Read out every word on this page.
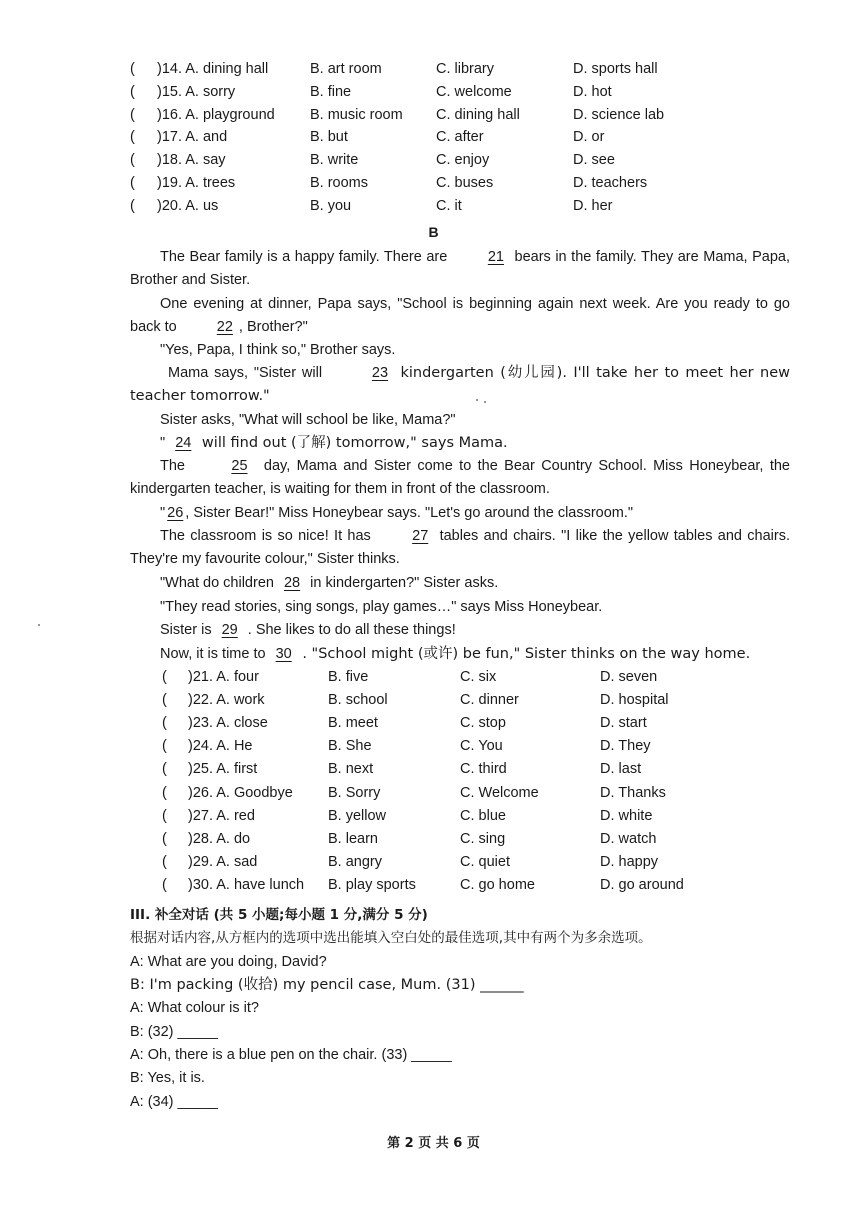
( )14. A. dining hall	B. art room	C. library	D. sports hall
( )15. A. sorry	B. fine	C. welcome	D. hot
( )16. A. playground B. music room C. dining hall	D. science lab
( )17. A. and	B. but	C. after	D. or
( )18. A. say	B. write	C. enjoy	D. see
( )19. A. trees	B. rooms	C. buses	D. teachers
( )20. A. us	B. you	C. it	D. her
B
The Bear family is a happy family. There are 21 bears in the family. They are Mama, Papa, Brother and Sister.
One evening at dinner, Papa says, "School is beginning again next week. Are you ready to go back to 22 , Brother?"
"Yes, Papa, I think so," Brother says.
Mama says, "Sister will	23 kindergarten (幼儿园). I'll take her to meet her new teacher tomorrow."
Sister asks, "What will school be like, Mama?"
" 24 will find out (了解) tomorrow," says Mama.
The	25 day, Mama and Sister come to the Bear Country School. Miss Honeybear, the kindergarten teacher, is waiting for them in front of the classroom.
" 26 , Sister Bear!" Miss Honeybear says. "Let's go around the classroom."
The classroom is so nice! It has 27 tables and chairs. "I like the yellow tables and chairs. They're my favourite colour," Sister thinks.
"What do children 28 in kindergarten?" Sister asks.
"They read stories, sing songs, play games…" says Miss Honeybear.
Sister is 29 . She likes to do all these things!
Now, it is time to 30 . "School might (或许) be fun," Sister thinks on the way home.
( )21. A. four	B. five	C. six	D. seven
( )22. A. work	B. school	C. dinner	D. hospital
( )23. A. close	B. meet	C. stop	D. start
( )24. A. He	B. She	C. You	D. They
( )25. A. first	B. next	C. third	D. last
( )26. A. Goodbye B. Sorry	C. Welcome	D. Thanks
( )27. A. red	B. yellow	C. blue	D. white
( )28. A. do	B. learn	C. sing	D. watch
( )29. A. sad	B. angry	C. quiet	D. happy
( )30. A. have lunch B. play sports	C. go home	D. go around
III. 补全对话 (共 5 小题;每小题 1 分,满分 5 分)
根据对话内容,从方框内的选项中选出能填入空白处的最佳选项,其中有两个为多余选项。
A: What are you doing, David?
B: I'm packing (收拾) my pencil case, Mum. (31) ______
A: What colour is it?
B: (32) _____
A: Oh, there is a blue pen on the chair. (33) _____
B: Yes, it is.
A: (34) _____
第 2 页 共 6 页
